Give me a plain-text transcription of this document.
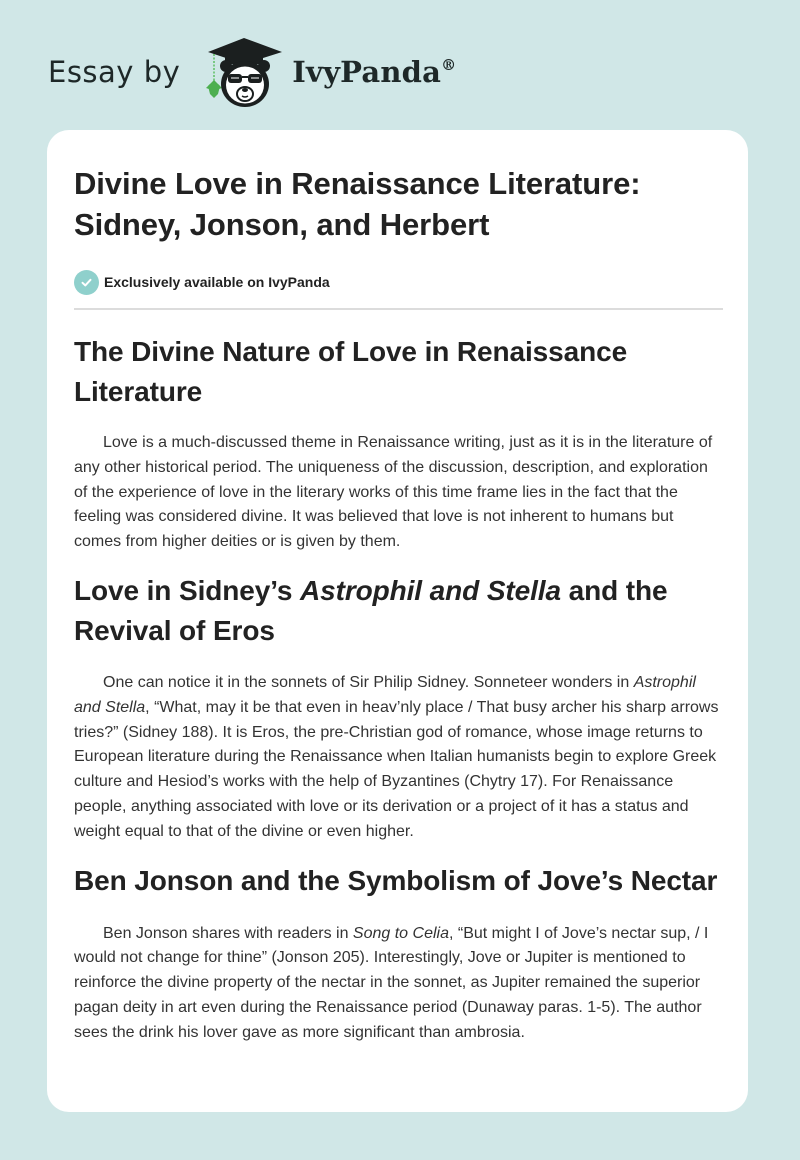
Essay by	IvyPanda®
Divine Love in Renaissance Literature: Sidney, Jonson, and Herbert
Exclusively available on IvyPanda
The Divine Nature of Love in Renaissance Literature

Love is a much-discussed theme in Renaissance writing, just as it is in the literature of any other historical period. The uniqueness of the discussion, description, and exploration of the experience of love in the literary works of this time frame lies in the fact that the feeling was considered divine. It was believed that love is not inherent to humans but comes from higher deities or is given by them.

Love in Sidney’s Astrophil and Stella and the Revival of Eros

One can notice it in the sonnets of Sir Philip Sidney. Sonneteer wonders in Astrophil and Stella, “What, may it be that even in heav’nly place / That busy archer his sharp arrows tries?” (Sidney 188). It is Eros, the pre-Christian god of romance, whose image returns to European literature during the Renaissance when Italian humanists begin to explore Greek culture and Hesiod’s works with the help of Byzantines (Chytry 17). For Renaissance people, anything associated with love or its derivation or a project of it has a status and weight equal to that of the divine or even higher.

Ben Jonson and the Symbolism of Jove’s Nectar

Ben Jonson shares with readers in Song to Celia, “But might I of Jove’s nectar sup, / I would not change for thine” (Jonson 205). Interestingly, Jove or Jupiter is mentioned to reinforce the divine property of the nectar in the sonnet, as Jupiter remained the superior pagan deity in art even during the Renaissance period (Dunaway paras. 1-5). The author sees the drink his lover gave as more significant than ambrosia.
